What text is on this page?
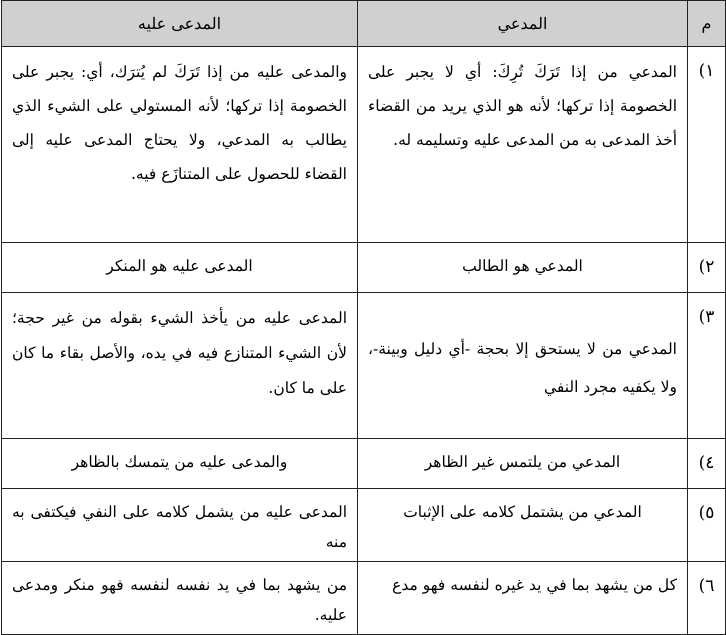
م	المدعي	المدعى عليه
١)	المدعي من إذا تَرَكَ تُرِكَ: أي لا يجبر على الخصومة إذا تركها؛ لأنه هو الذي يريد من القضاء أخذ المدعى به من المدعى عليه وتسليمه له.	والمدعى عليه من إذا تَرَكَ لم يُترَك، أي: يجبر على الخصومة إذا تركها؛ لأنه المستولي على الشيء الذي يطالب به المدعي، ولا يحتاج المدعى عليه إلى القضاء للحصول على المتنازَع فيه.

٢)	المدعي هو الطالب	المدعى عليه هو المنكر

٣)	المدعي من لا يستحق إلا بحجة -أي دليل وبينة-، ولا يكفيه مجرد النفي	المدعى عليه من يأخذ الشيء بقوله من غير حجة؛ لأن الشيء المتنازع فيه في يده، والأصل بقاء ما كان على ما كان.

٤)	المدعي من يلتمس غير الظاهر	والمدعى عليه من يتمسك بالظاهر

٥)	المدعي من يشتمل كلامه على الإثبات	المدعى عليه من يشمل كلامه على النفي فيكتفى به منه

٦)	كل من يشهد بما في يد غيره لنفسه فهو مدع	من يشهد بما في يد نفسه لنفسه فهو منكر ومدعى عليه.
